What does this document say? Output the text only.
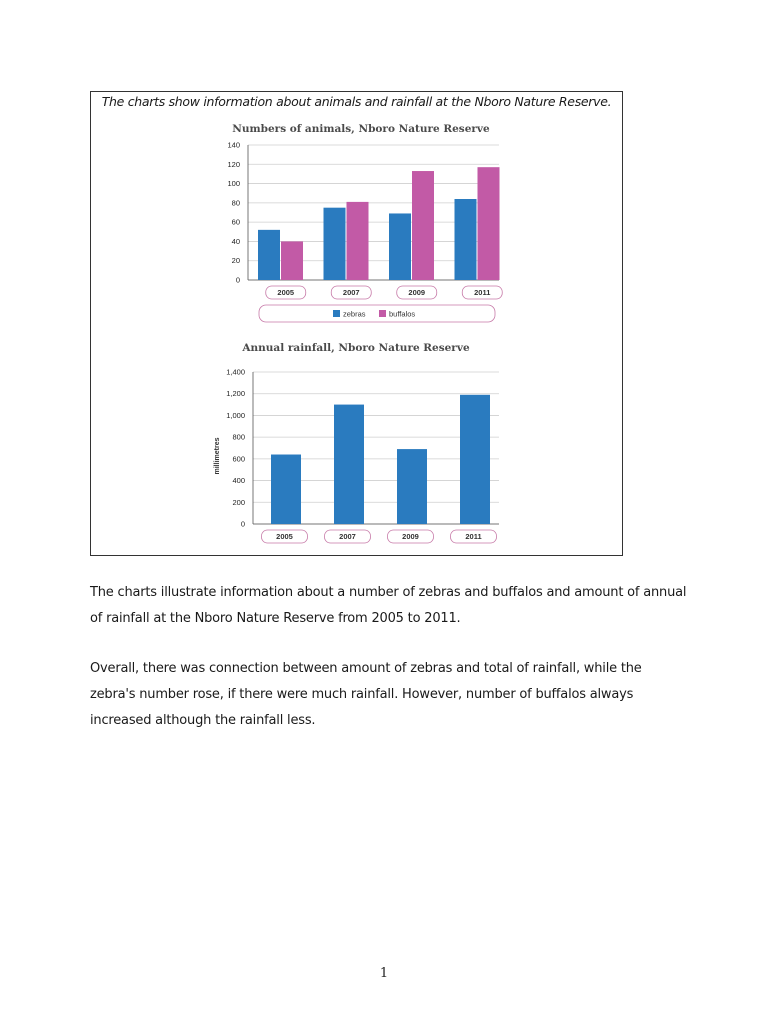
The charts show information about animals and rainfall at the Nboro Nature Reserve.
Numbers of animals, Nboro Nature Reserve
0
20
40
60
80
100
120
140
2005	2007	2009	2011
zebras	buffalos
Annual rainfall, Nboro Nature Reserve
0
200
400
600
800
1,000
1,200
1,400
millimetres
2005	2007	2009	2011

The charts illustrate information about a number of zebras and buffalos and amount of annual of rainfall at the Nboro Nature Reserve from 2005 to 2011.

Overall, there was connection between amount of zebras and total of rainfall, while the zebra's number rose, if there were much rainfall. However, number of buffalos always increased although the rainfall less.

1
